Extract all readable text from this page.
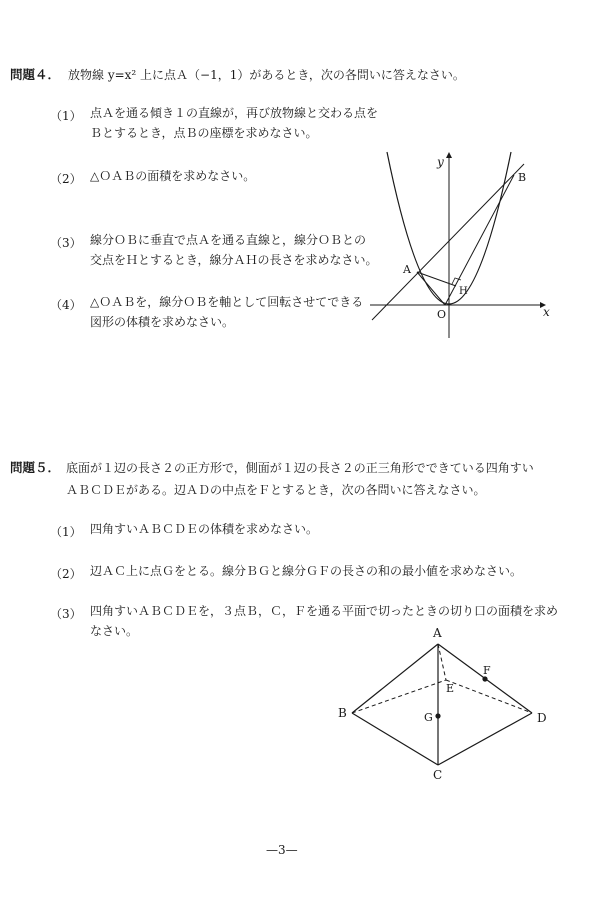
問題４． 放物線 y=x² 上に点Ａ（−1，1）があるとき，次の各問いに答えなさい。
（1） 点Ａを通る傾き１の直線が，再び放物線と交わる点を
Ｂとするとき，点Ｂの座標を求めなさい。
（2） △ＯＡＢの面積を求めなさい。
（3） 線分ＯＢに垂直で点Ａを通る直線と，線分ＯＢとの
交点をＨとするとき，線分ＡＨの長さを求めなさい。
（4） △ＯＡＢを，線分ＯＢを軸として回転させてできる
図形の体積を求めなさい。
y
x
O
A
B
H
問題５． 底面が１辺の長さ２の正方形で，側面が１辺の長さ２の正三角形でできている四角すい
ＡＢＣＤＥがある。辺ＡＤの中点をＦとするとき，次の各問いに答えなさい。
（1） 四角すいＡＢＣＤＥの体積を求めなさい。
（2） 辺ＡＣ上に点Ｇをとる。線分ＢＧと線分ＧＦの長さの和の最小値を求めなさい。
（3） 四角すいＡＢＣＤＥを，３点Ｂ，Ｃ，Ｆを通る平面で切ったときの切り口の面積を求め
なさい。	A
B
C
D
E
F
G
—3—
